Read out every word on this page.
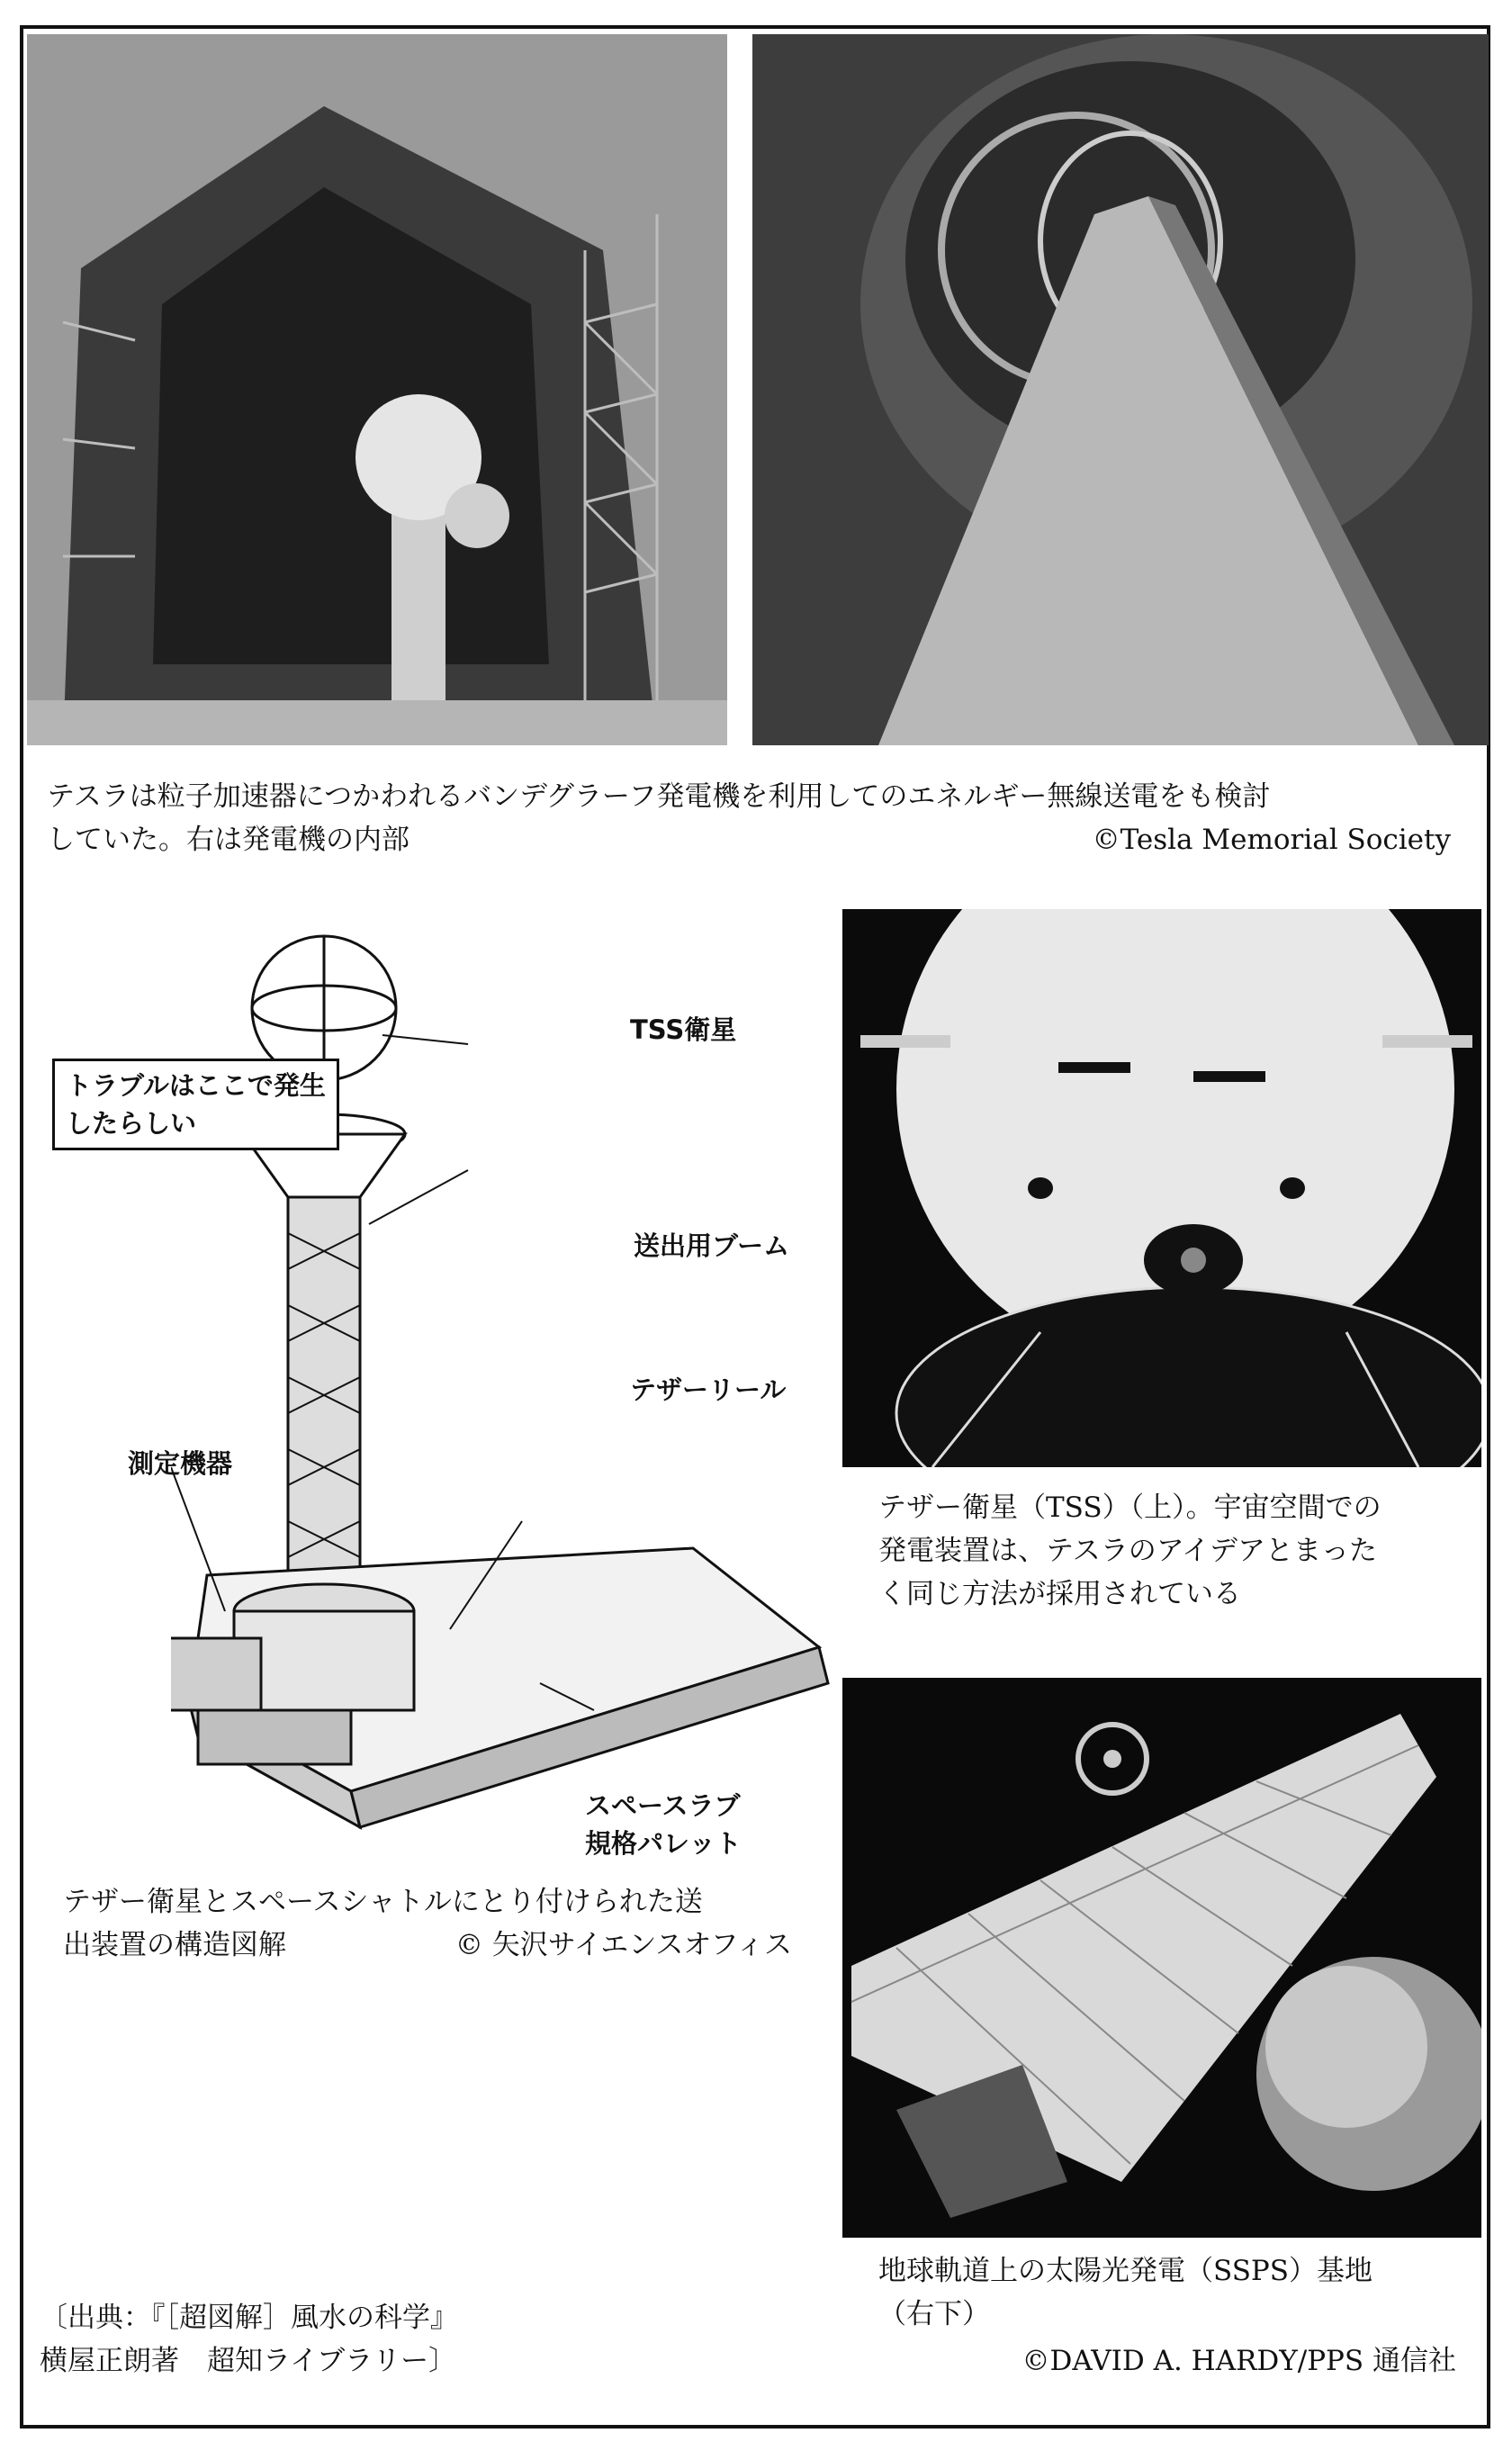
テスラは粒子加速器につかわれるバンデグラーフ発電機を利用してのエネルギー無線送電をも検討
していた。右は発電機の内部	©Tesla Memorial Society
TSS衛星
トラブルはここで発生
したらしい
送出用ブーム
テザーリール
測定機器
スペースラブ
規格パレット
テザー衛星とスペースシャトルにとり付けられた送
出装置の構造図解	© 矢沢サイエンスオフィス
テザー衛星（TSS）（上）。宇宙空間での
発電装置は、テスラのアイデアとまった
く同じ方法が採用されている
地球軌道上の太陽光発電（SSPS）基地
（右下）
©DAVID A. HARDY/PPS 通信社
〔出典：『［超図解］風水の科学』
横屋正朗著　超知ライブラリー〕
